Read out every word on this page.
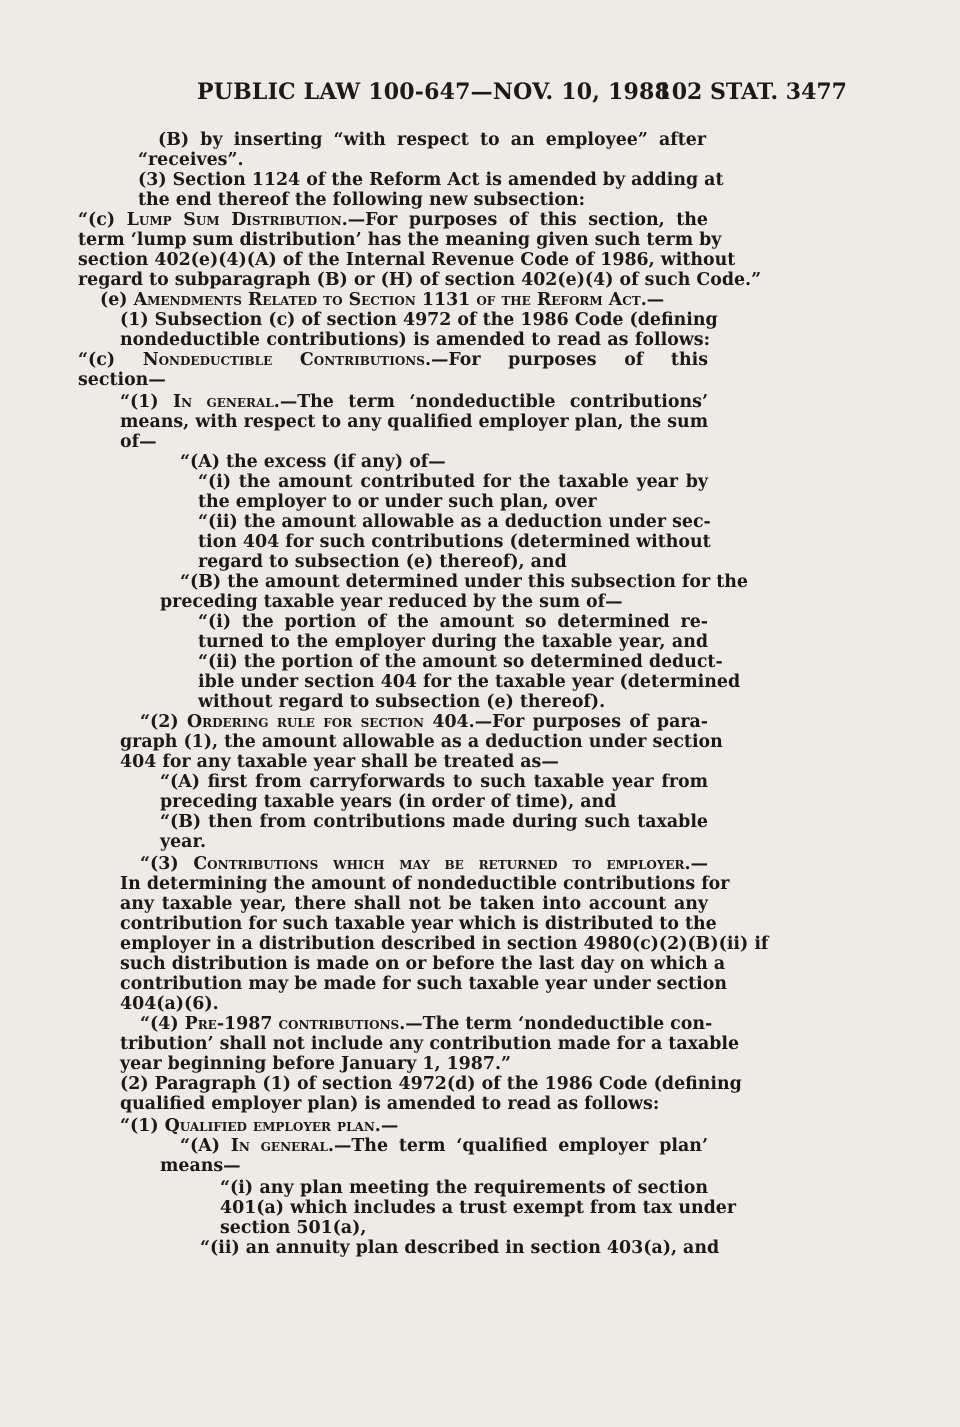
PUBLIC LAW 100-647—NOV. 10, 1988
102 STAT. 3477
(B) by inserting “with respect to an employee” after
“receives”.
(3) Section 1124 of the Reform Act is amended by adding at
the end thereof the following new subsection:
“(c) Lump Sum Distribution.—For purposes of this section, the
term ‘lump sum distribution’ has the meaning given such term by
section 402(e)(4)(A) of the Internal Revenue Code of 1986, without
regard to subparagraph (B) or (H) of section 402(e)(4) of such Code.”
(e) Amendments Related to Section 1131 of the Reform Act.—
(1) Subsection (c) of section 4972 of the 1986 Code (defining
nondeductible contributions) is amended to read as follows:
“(c) Nondeductible Contributions.—For purposes of this
section—
“(1) In general.—The term ‘nondeductible contributions’
means, with respect to any qualified employer plan, the sum
of—
“(A) the excess (if any) of—
“(i) the amount contributed for the taxable year by
the employer to or under such plan, over
“(ii) the amount allowable as a deduction under sec-
tion 404 for such contributions (determined without
regard to subsection (e) thereof), and
“(B) the amount determined under this subsection for the
preceding taxable year reduced by the sum of—
“(i) the portion of the amount so determined re-
turned to the employer during the taxable year, and
“(ii) the portion of the amount so determined deduct-
ible under section 404 for the taxable year (determined
without regard to subsection (e) thereof).
“(2) Ordering rule for section 404.—For purposes of para-
graph (1), the amount allowable as a deduction under section
404 for any taxable year shall be treated as—
“(A) first from carryforwards to such taxable year from
preceding taxable years (in order of time), and
“(B) then from contributions made during such taxable
year.
“(3) Contributions which may be returned to employer.—
In determining the amount of nondeductible contributions for
any taxable year, there shall not be taken into account any
contribution for such taxable year which is distributed to the
employer in a distribution described in section 4980(c)(2)(B)(ii) if
such distribution is made on or before the last day on which a
contribution may be made for such taxable year under section
404(a)(6).
“(4) Pre-1987 contributions.—The term ‘nondeductible con-
tribution’ shall not include any contribution made for a taxable
year beginning before January 1, 1987.”
(2) Paragraph (1) of section 4972(d) of the 1986 Code (defining
qualified employer plan) is amended to read as follows:
“(1) Qualified employer plan.—
“(A) In general.—The term ‘qualified employer plan’
means—
“(i) any plan meeting the requirements of section
401(a) which includes a trust exempt from tax under
section 501(a),
“(ii) an annuity plan described in section 403(a), and
